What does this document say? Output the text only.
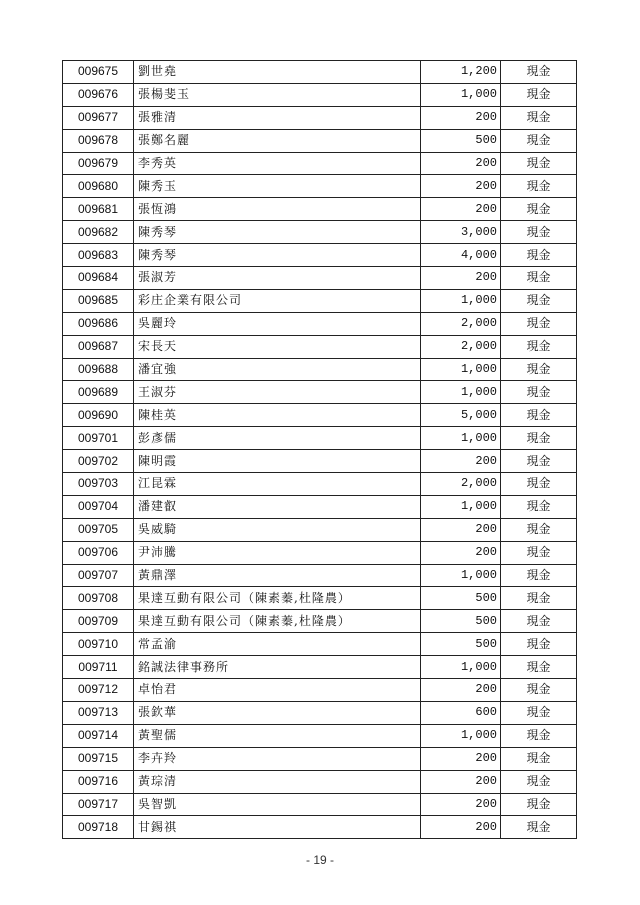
009675	劉世堯	1,200	現金
009676	張楊斐玉	1,000	現金
009677	張雅清	200	現金
009678	張鄭名麗	500	現金
009679	李秀英	200	現金
009680	陳秀玉	200	現金
009681	張恆鴻	200	現金
009682	陳秀琴	3,000	現金
009683	陳秀琴	4,000	現金
009684	張淑芳	200	現金
009685	彩庄企業有限公司	1,000	現金
009686	吳麗玲	2,000	現金
009687	宋長天	2,000	現金
009688	潘宜強	1,000	現金
009689	王淑芬	1,000	現金
009690	陳桂英	5,000	現金
009701	彭彥儒	1,000	現金
009702	陳明霞	200	現金
009703	江昆霖	2,000	現金
009704	潘建叡	1,000	現金
009705	吳威騎	200	現金
009706	尹沛騰	200	現金
009707	黃鼎澤	1,000	現金
009708	果達互動有限公司（陳素蓁,杜隆農）	500	現金
009709	果達互動有限公司（陳素蓁,杜隆農）	500	現金
009710	常孟渝	500	現金
009711	銘誠法律事務所	1,000	現金
009712	卓怡君	200	現金
009713	張欽華	600	現金
009714	黃聖儒	1,000	現金
009715	李卉羚	200	現金
009716	黃琮清	200	現金
009717	吳智凱	200	現金
009718	甘錫祺	200	現金
- 19 -
